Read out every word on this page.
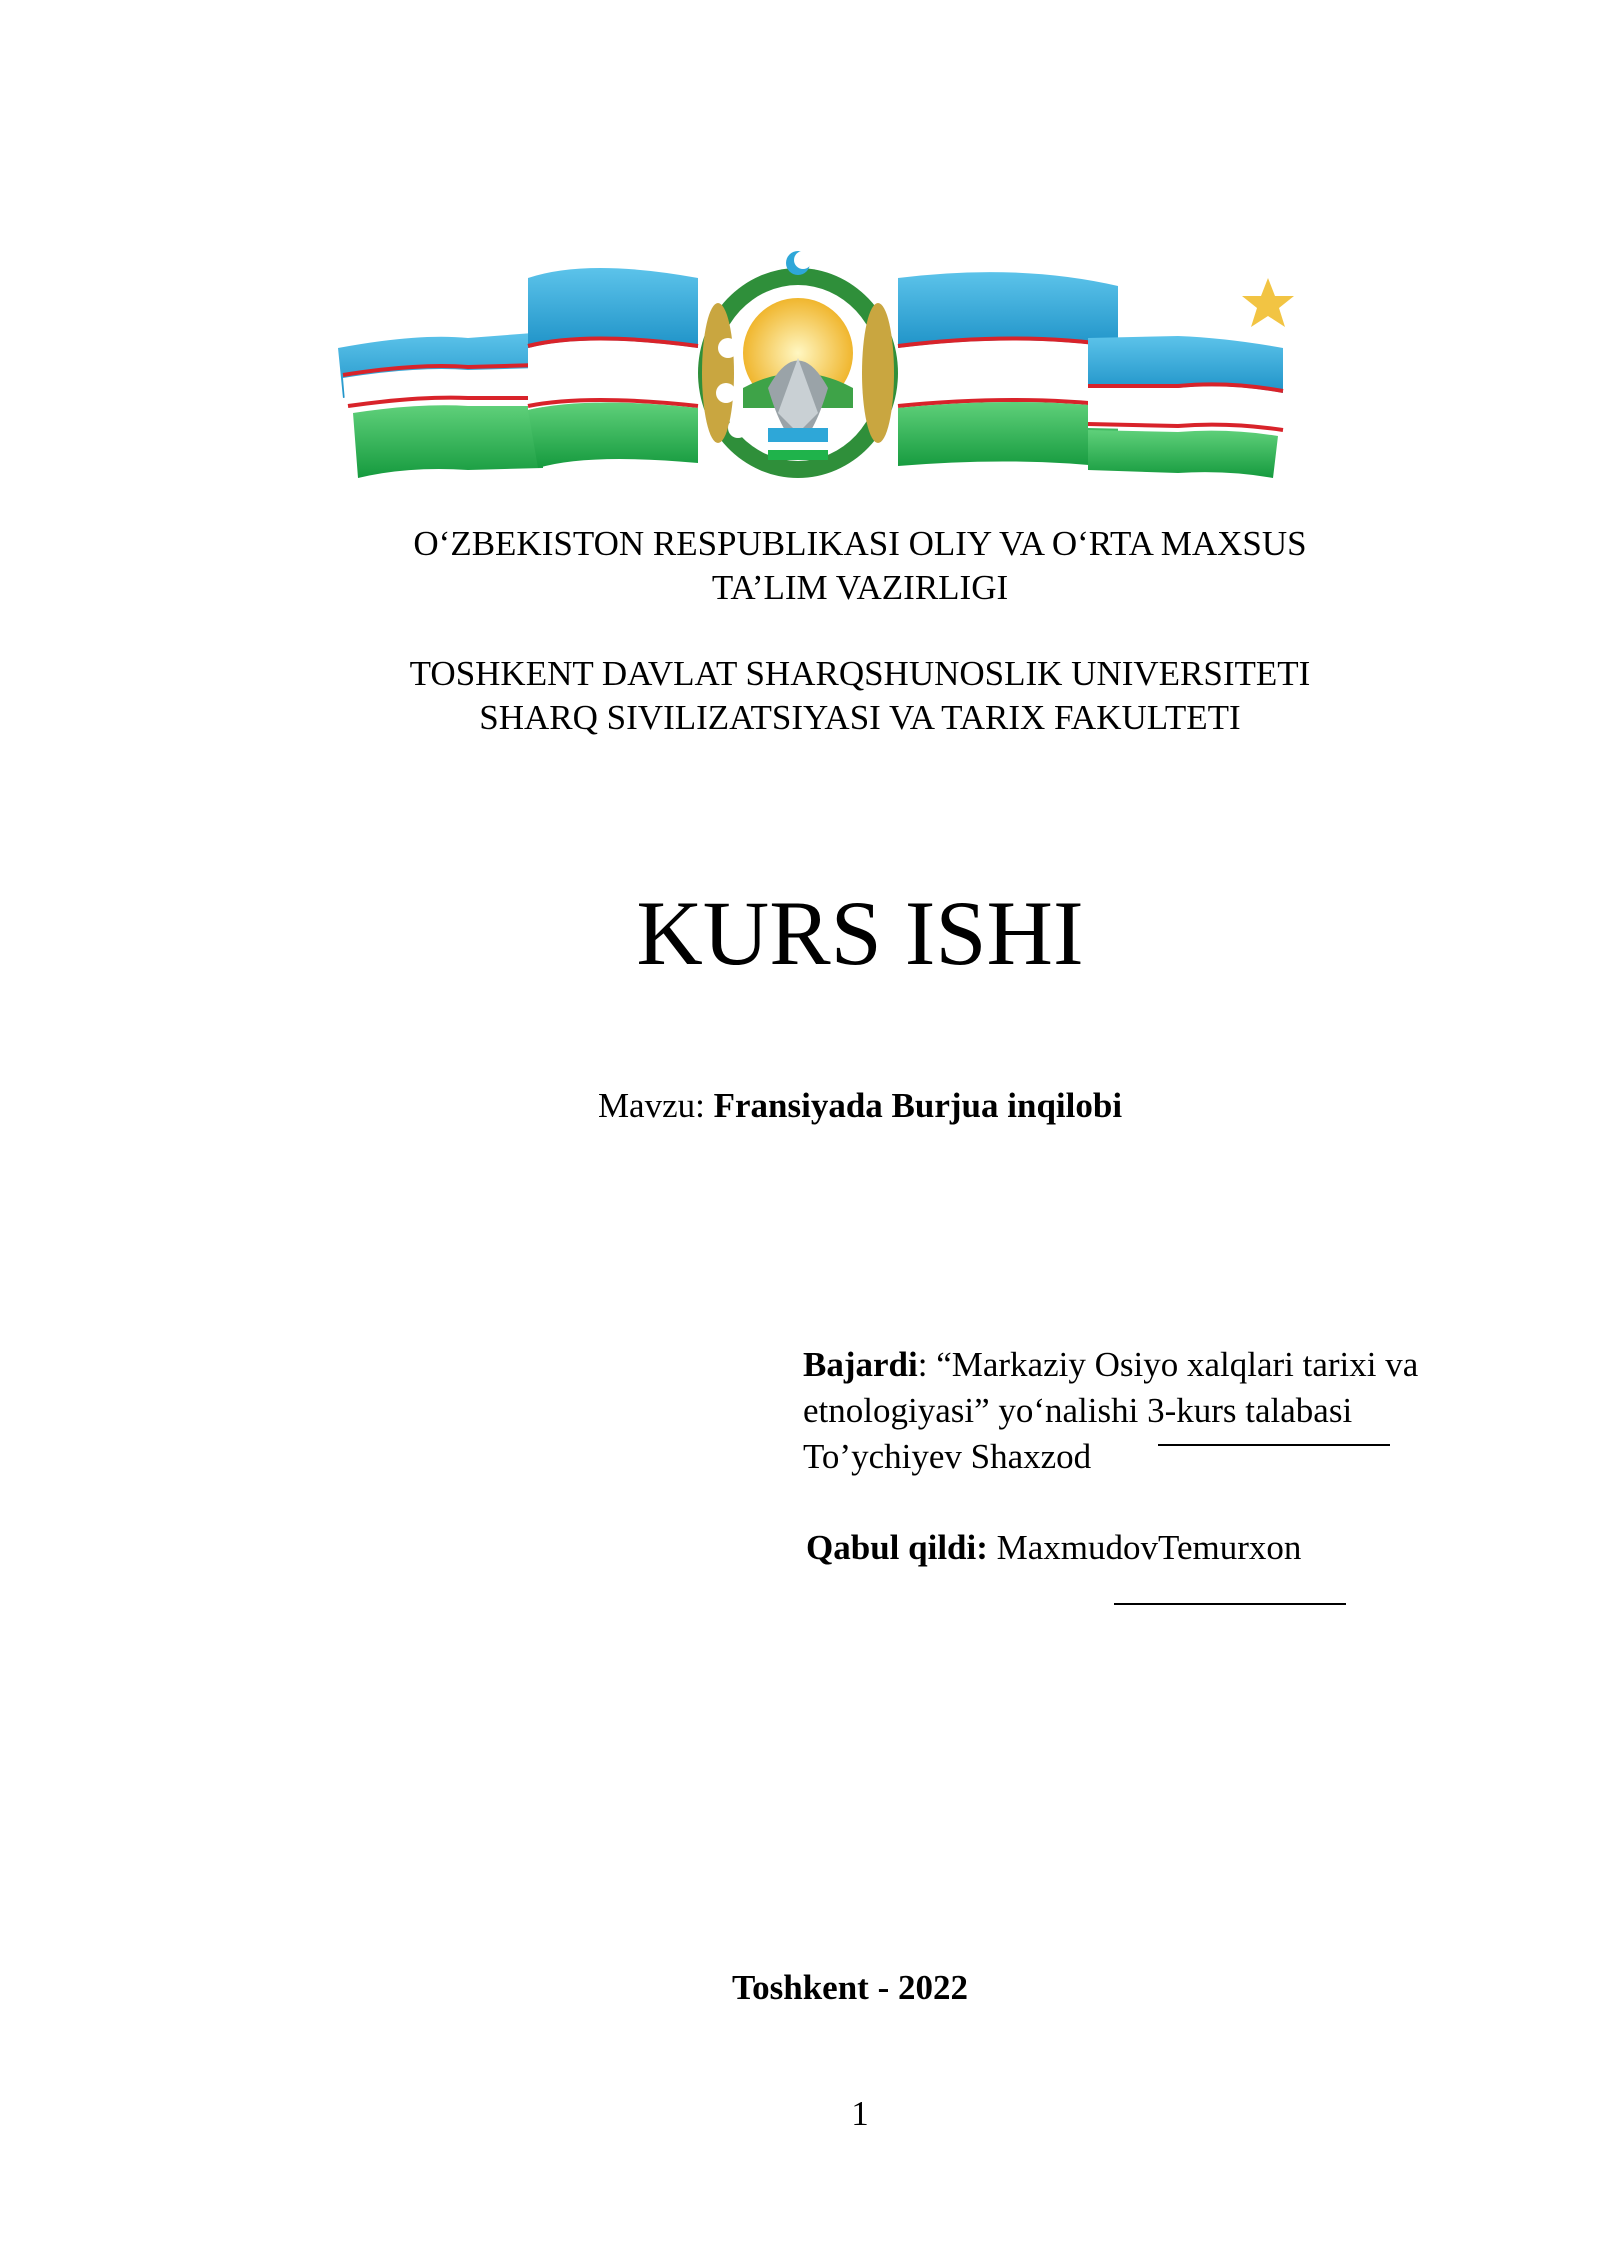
O‘ZBEKISTON RESPUBLIKASI OLIY VA O‘RTA MAXSUS
TA’LIM VAZIRLIGI
TOSHKENT DAVLAT SHARQSHUNOSLIK UNIVERSITETI
SHARQ SIVILIZATSIYASI VA TARIX FAKULTETI
KURS ISHI
Mavzu: Fransiyada Burjua inqilobi
Bajardi: “Markaziy Osiyo xalqlari tarixi va
etnologiyasi” yo‘nalishi 3-kurs talabasi
To’ychiyev Shaxzod
Qabul qildi: MaxmudovTemurxon
Toshkent - 2022
1
